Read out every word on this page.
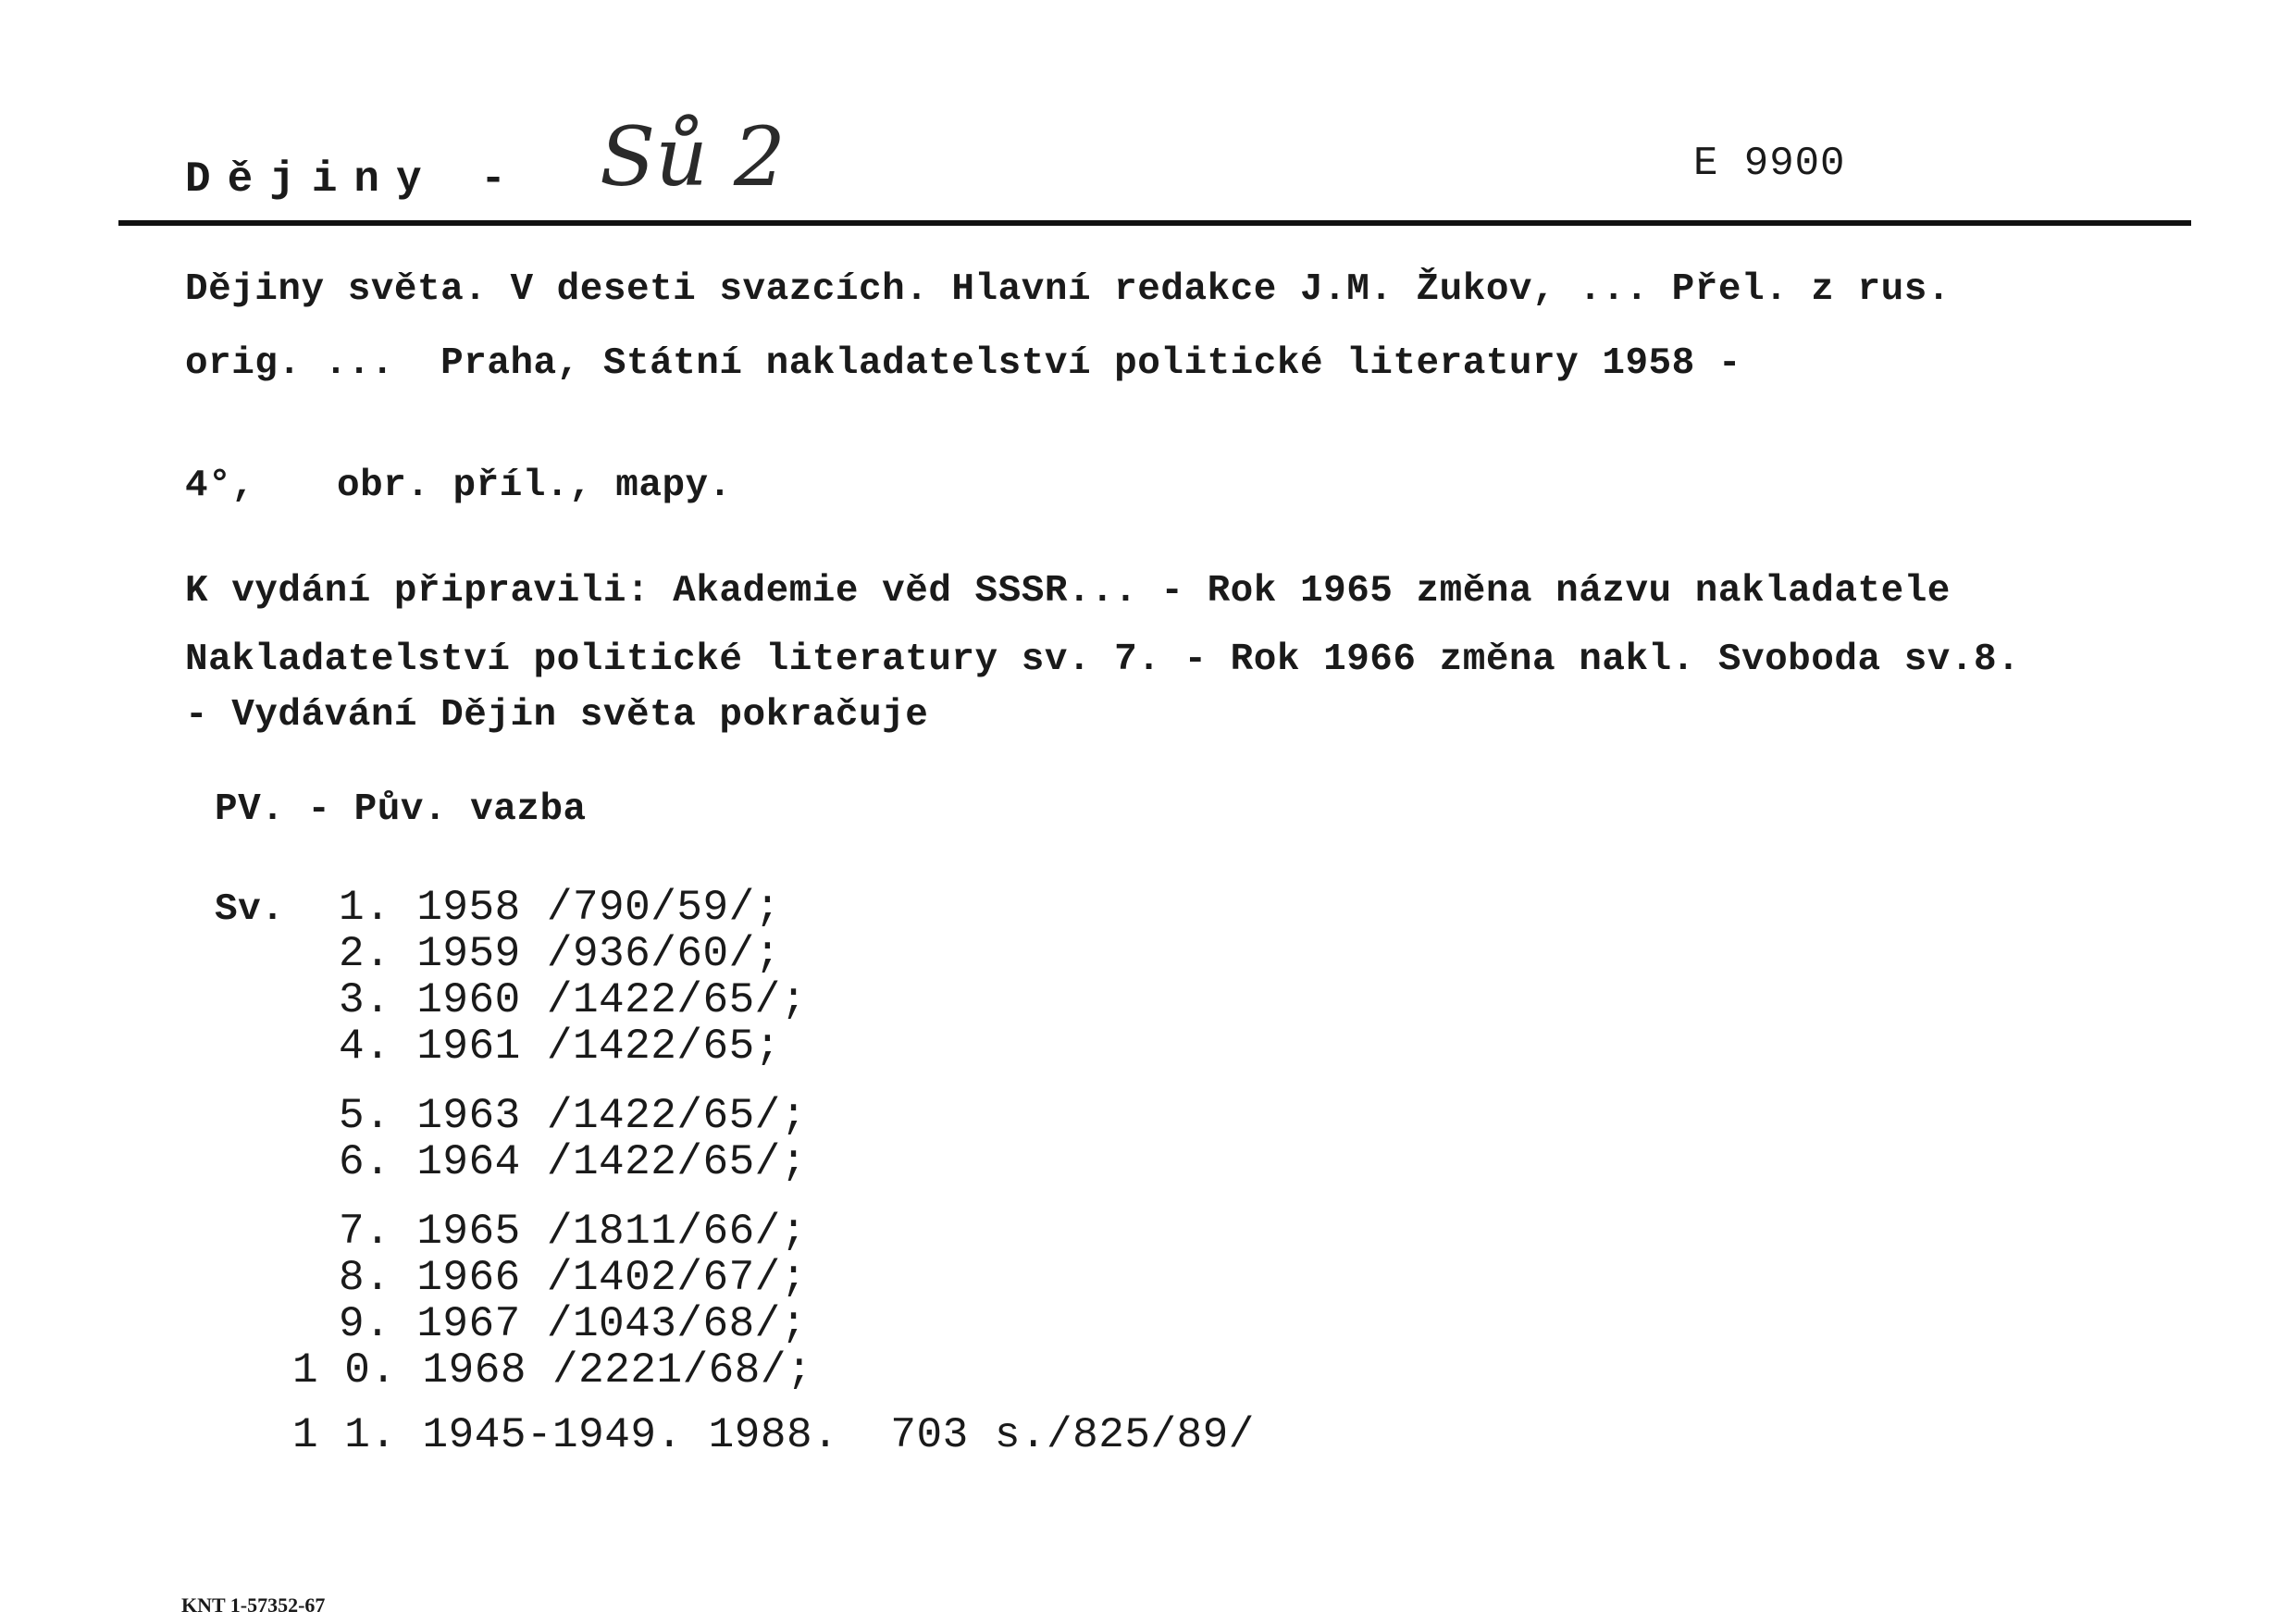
Dějiny - Sů 2	E 9900
Dějiny světa. V deseti svazcích. Hlavní redakce J.M. Žukov, ... Přel. z rus.
orig. ...  Praha, Státní nakladatelství politické literatury 1958 -
4°, obr. příl., mapy.
K vydání připravili: Akademie věd SSSR... - Rok 1965 změna názvu nakladatele
Nakladatelství politické literatury sv. 7. - Rok 1966 změna nakl. Svoboda sv.8.
- Vydávání Dějin světa pokračuje
PV. - Pův. vazba
Sv. 1. 1958 /790/59/;
2. 1959 /936/60/;
3. 1960 /1422/65/;
4. 1961 /1422/65;
5. 1963 /1422/65/;
6. 1964 /1422/65/;
7. 1965 /1811/66/;
8. 1966 /1402/67/;
9. 1967 /1043/68/;
1 0. 1968 /2221/68/;
1 1. 1945-1949. 1988.  703 s./825/89/
KNT 1-57352-67
